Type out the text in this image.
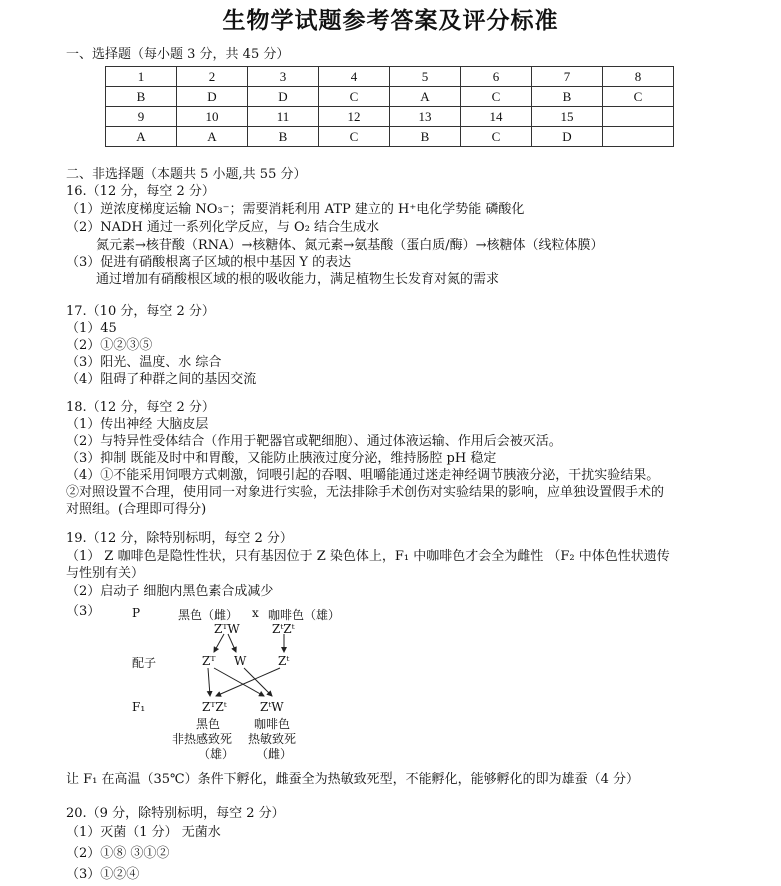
生物学试题参考答案及评分标准
一、选择题（每小题 3 分，共 45 分）
1	2	3	4	5	6	7	8
B	D	D	C	A	C	B	C
9	10	11	12	13	14	15	
A	A	B	C	B	C	D	
二、非选择题（本题共 5 小题,共 55 分）
16.（12 分，每空 2 分）
（1）逆浓度梯度运输 NO₃⁻；需要消耗利用 ATP 建立的 H⁺电化学势能 磷酸化
（2）NADH 通过一系列化学反应，与 O₂ 结合生成水
氮元素→核苷酸（RNA）→核糖体、氮元素→氨基酸（蛋白质/酶）→核糖体（线粒体膜）
（3）促进有硝酸根离子区域的根中基因 Y 的表达
通过增加有硝酸根区域的根的吸收能力，满足植物生长发育对氮的需求
17.（10 分，每空 2 分）
（1）45
（2）①②③⑤
（3）阳光、温度、水 综合
（4）阻碍了种群之间的基因交流
18.（12 分，每空 2 分）
（1）传出神经 大脑皮层
（2）与特异性受体结合（作用于靶器官或靶细胞）、通过体液运输、作用后会被灭活。
（3）抑制 既能及时中和胃酸，又能防止胰液过度分泌，维持肠腔 pH 稳定
（4）①不能采用饲喂方式刺激，饲喂引起的吞咽、咀嚼能通过迷走神经调节胰液分泌，干扰实验结果。
②对照设置不合理，使用同一对象进行实验，无法排除手术创伤对实验结果的影响，应单独设置假手术的
对照组。(合理即可得分)
19.（12 分，除特别标明，每空 2 分）
（1） Z 咖啡色是隐性性状，只有基因位于 Z 染色体上，F₁ 中咖啡色才会全为雌性 （F₂ 中体色性状遗传
与性别有关）
（2）启动子 细胞内黑色素合成减少
（3）	P	黑色（雌） x 咖啡色（雄）
ZᵀW	ZᵗZᵗ
配子	Zᵀ W	Zᵗ
F₁	ZᵀZᵗ	ZᵗW
黑色	咖啡色
非热感致死 热敏致死
（雄） （雌）
让 F₁ 在高温（35℃）条件下孵化，雌蚕全为热敏致死型，不能孵化，能够孵化的即为雄蚕（4 分）
20.（9 分，除特别标明，每空 2 分）
（1）灭菌（1 分） 无菌水
（2）①⑧ ③①②
（3）①②④
